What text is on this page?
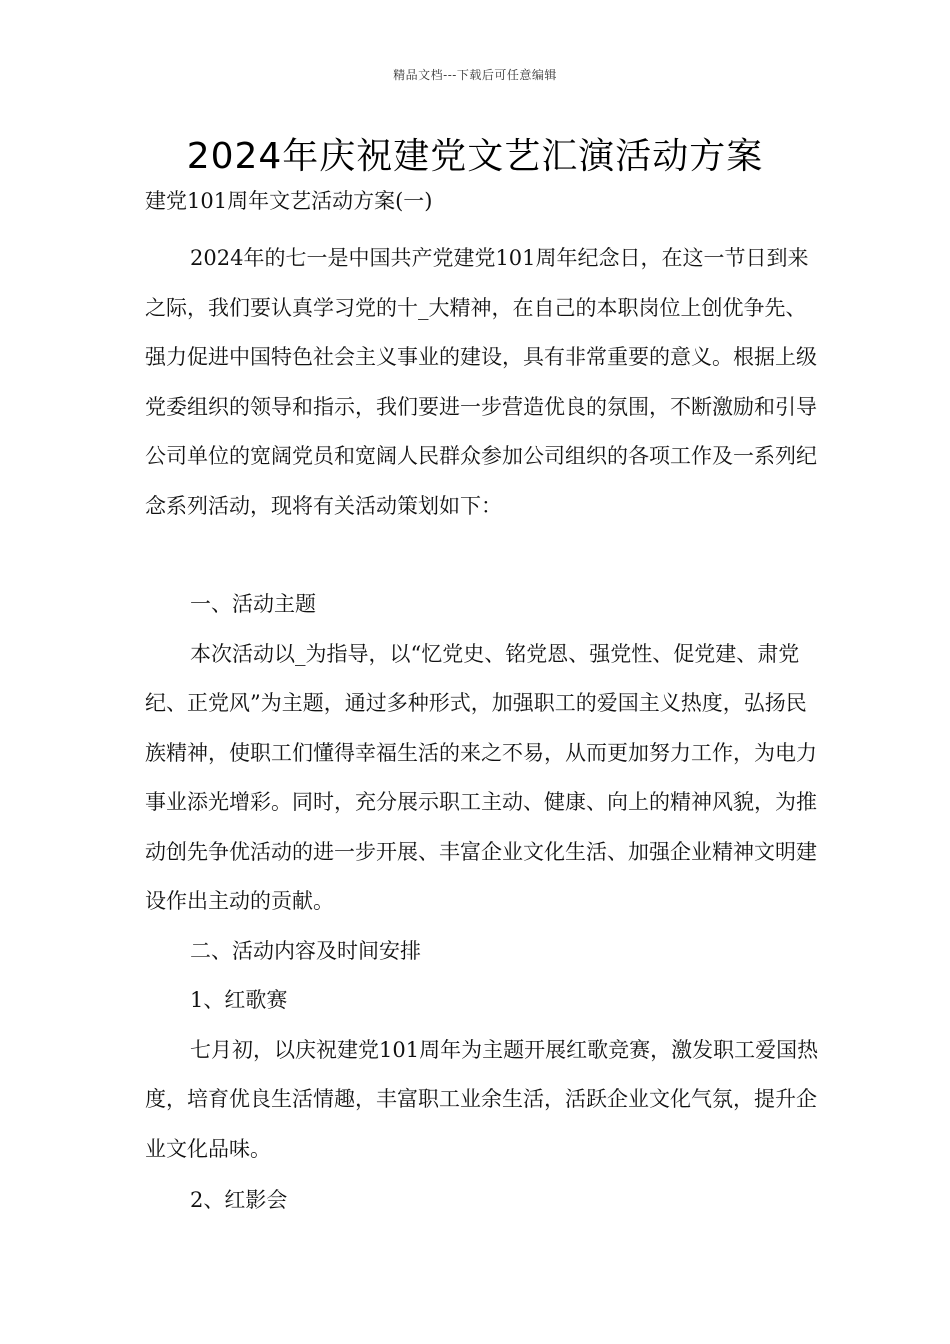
精品文档---下载后可任意编辑
2024年庆祝建党文艺汇演活动方案

建党101周年文艺活动方案(一)

2024年的七一是中国共产党建党101周年纪念日，在这一节日到来之际，我们要认真学习党的十_大精神，在自己的本职岗位上创优争先、强力促进中国特色社会主义事业的建设，具有非常重要的意义。根据上级党委组织的领导和指示，我们要进一步营造优良的氛围，不断激励和引导公司单位的宽阔党员和宽阔人民群众参加公司组织的各项工作及一系列纪念系列活动，现将有关活动策划如下：

一、活动主题

本次活动以_为指导，以“忆党史、铭党恩、强党性、促党建、肃党纪、正党风”为主题，通过多种形式，加强职工的爱国主义热度，弘扬民族精神，使职工们懂得幸福生活的来之不易，从而更加努力工作，为电力事业添光增彩。同时，充分展示职工主动、健康、向上的精神风貌，为推动创先争优活动的进一步开展、丰富企业文化生活、加强企业精神文明建设作出主动的贡献。

二、活动内容及时间安排

1、红歌赛

七月初，以庆祝建党101周年为主题开展红歌竞赛，激发职工爱国热度，培育优良生活情趣，丰富职工业余生活，活跃企业文化气氛，提升企业文化品味。

2、红影会
